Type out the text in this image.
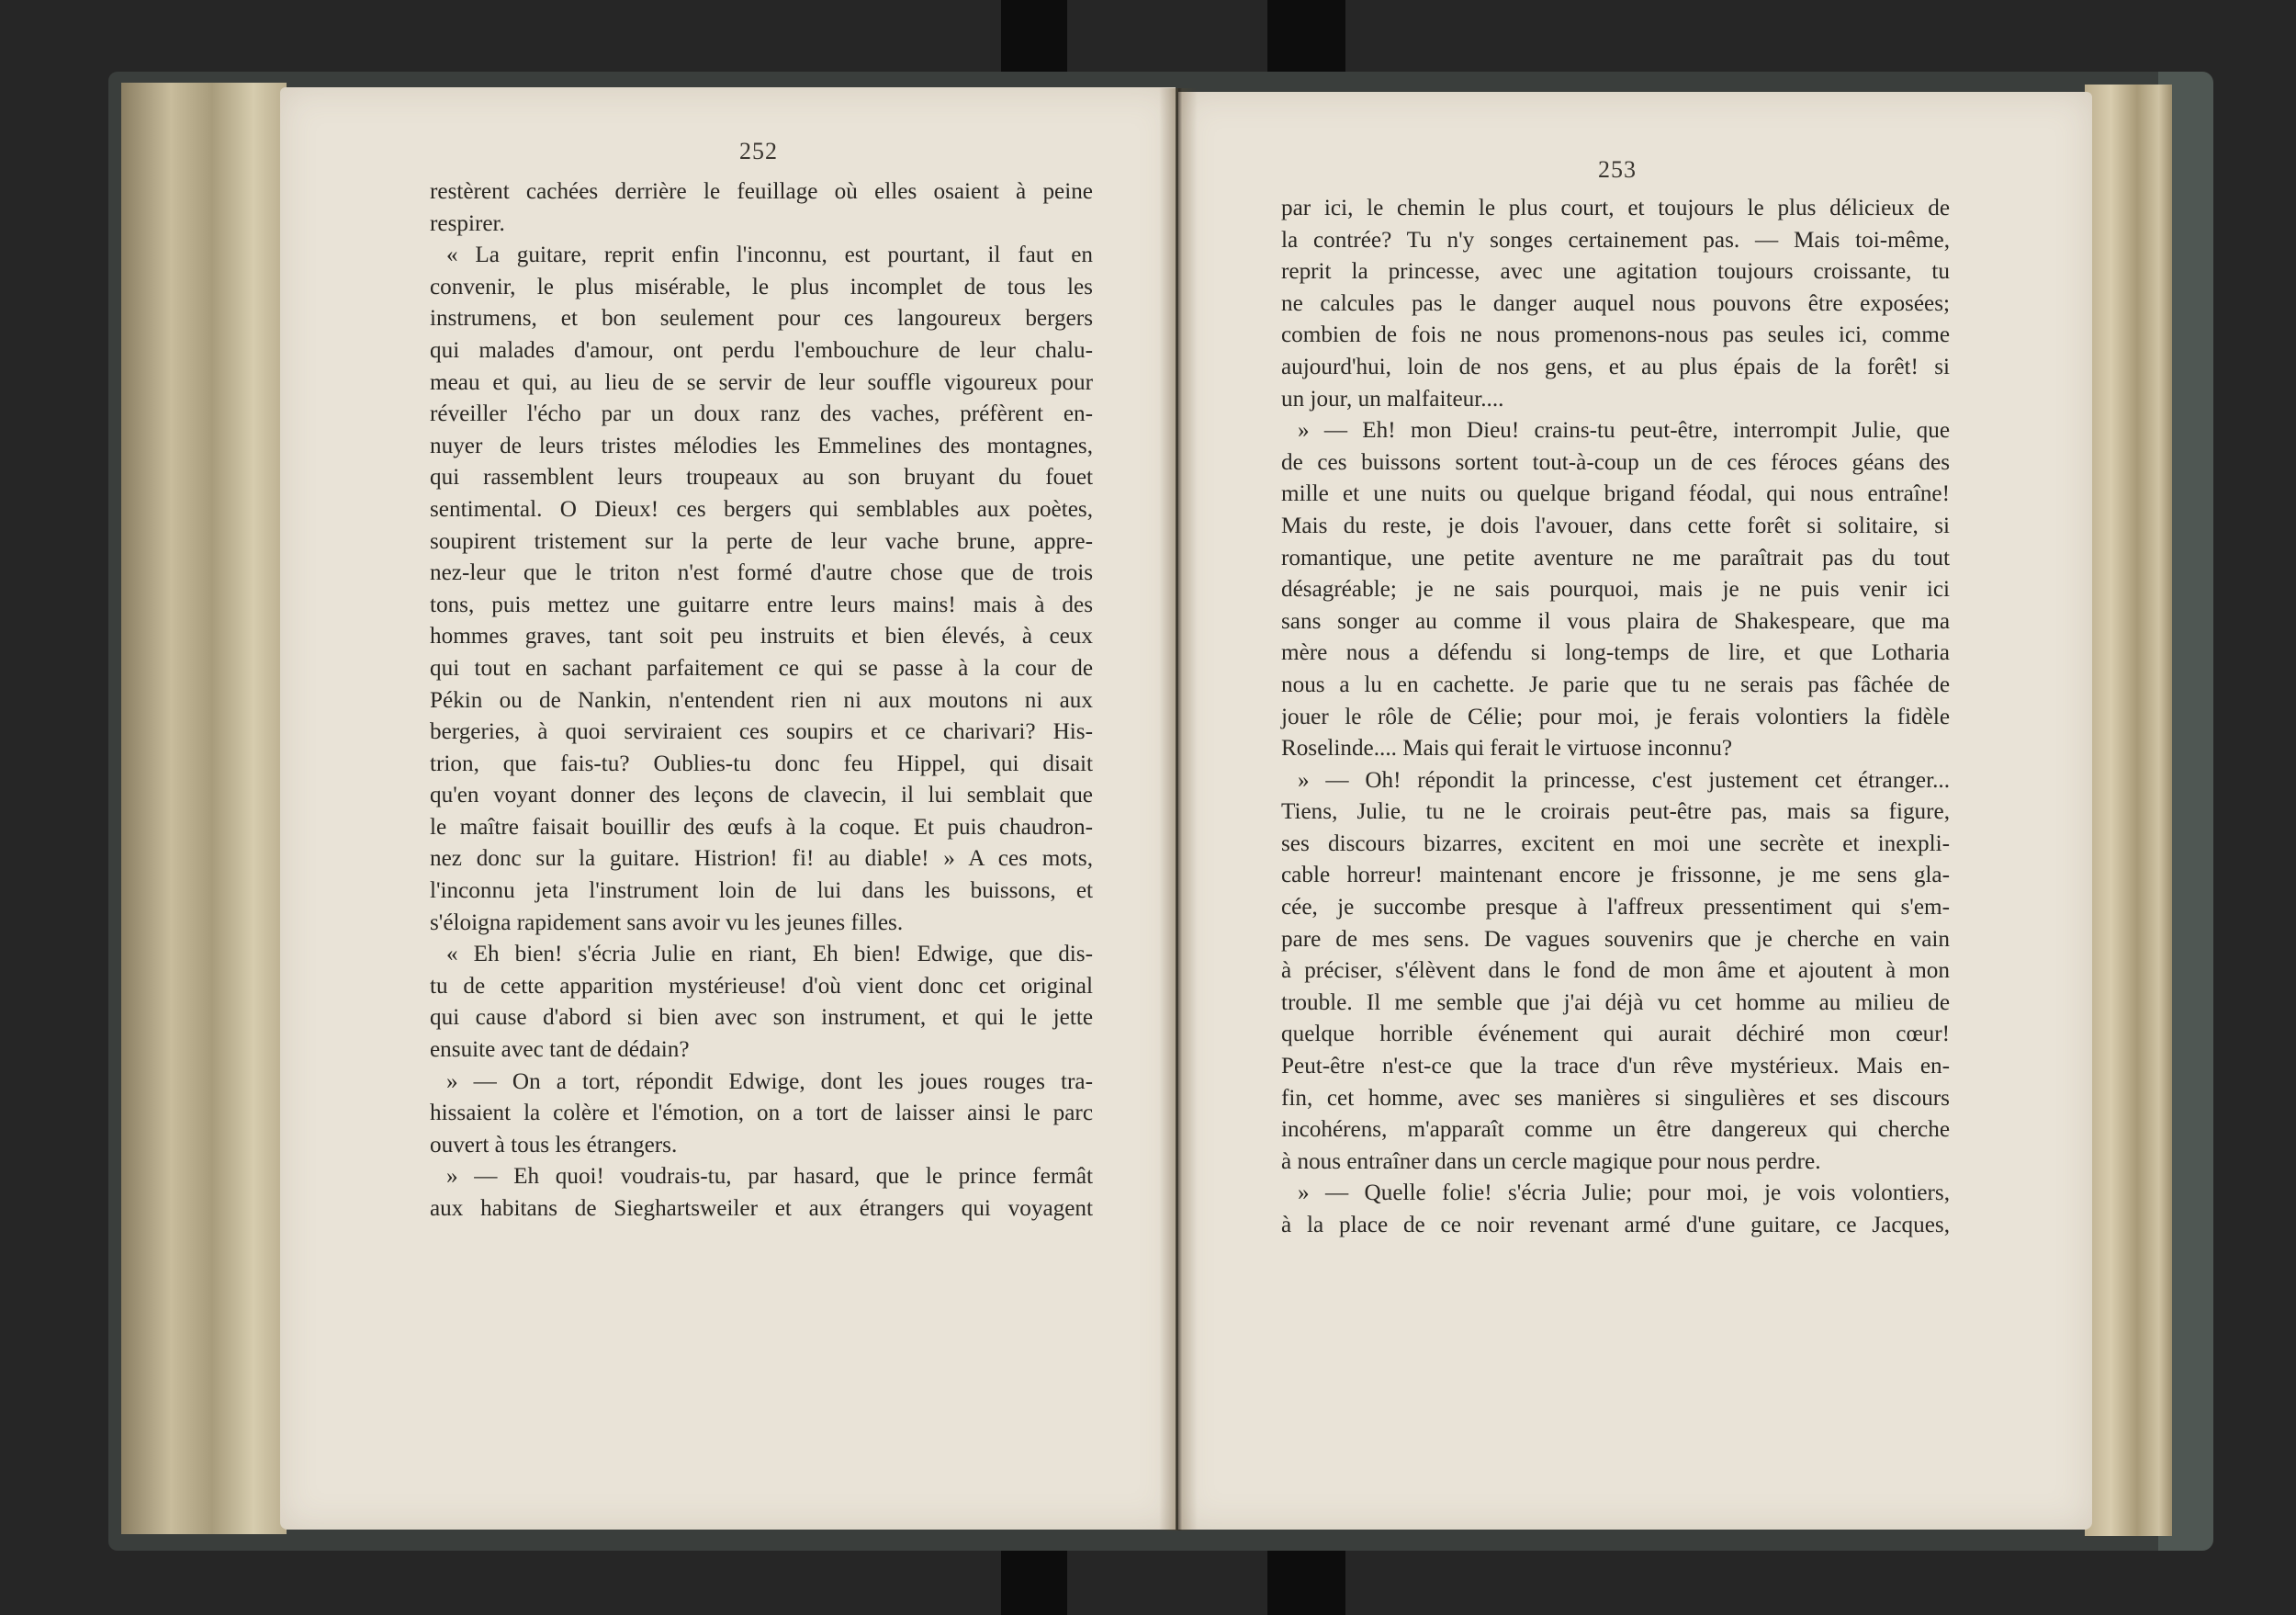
252
253
restèrent cachées derrière le feuillage où elles osaient à peine
respirer.
« La guitare, reprit enfin l'inconnu, est pourtant, il faut en
convenir, le plus misérable, le plus incomplet de tous les
instrumens, et bon seulement pour ces langoureux bergers
qui malades d'amour, ont perdu l'embouchure de leur chalu-
meau et qui, au lieu de se servir de leur souffle vigoureux pour
réveiller l'écho par un doux ranz des vaches, préfèrent en-
nuyer de leurs tristes mélodies les Emmelines des montagnes,
qui rassemblent leurs troupeaux au son bruyant du fouet
sentimental. O Dieux! ces bergers qui semblables aux poètes,
soupirent tristement sur la perte de leur vache brune, appre-
nez-leur que le triton n'est formé d'autre chose que de trois
tons, puis mettez une guitarre entre leurs mains! mais à des
hommes graves, tant soit peu instruits et bien élevés, à ceux
qui tout en sachant parfaitement ce qui se passe à la cour de
Pékin ou de Nankin, n'entendent rien ni aux moutons ni aux
bergeries, à quoi serviraient ces soupirs et ce charivari? His-
trion, que fais-tu? Oublies-tu donc feu Hippel, qui disait
qu'en voyant donner des leçons de clavecin, il lui semblait que
le maître faisait bouillir des œufs à la coque. Et puis chaudron-
nez donc sur la guitare. Histrion! fi! au diable! » A ces mots,
l'inconnu jeta l'instrument loin de lui dans les buissons, et
s'éloigna rapidement sans avoir vu les jeunes filles.
« Eh bien! s'écria Julie en riant, Eh bien! Edwige, que dis-
tu de cette apparition mystérieuse! d'où vient donc cet original
qui cause d'abord si bien avec son instrument, et qui le jette
ensuite avec tant de dédain?
» — On a tort, répondit Edwige, dont les joues rouges tra-
hissaient la colère et l'émotion, on a tort de laisser ainsi le parc
ouvert à tous les étrangers.
» — Eh quoi! voudrais-tu, par hasard, que le prince fermât
aux habitans de Sieghartsweiler et aux étrangers qui voyagent
par ici, le chemin le plus court, et toujours le plus délicieux de
la contrée? Tu n'y songes certainement pas. — Mais toi-même,
reprit la princesse, avec une agitation toujours croissante, tu
ne calcules pas le danger auquel nous pouvons être exposées;
combien de fois ne nous promenons-nous pas seules ici, comme
aujourd'hui, loin de nos gens, et au plus épais de la forêt! si
un jour, un malfaiteur....
» — Eh! mon Dieu! crains-tu peut-être, interrompit Julie, que
de ces buissons sortent tout-à-coup un de ces féroces géans des
mille et une nuits ou quelque brigand féodal, qui nous entraîne!
Mais du reste, je dois l'avouer, dans cette forêt si solitaire, si
romantique, une petite aventure ne me paraîtrait pas du tout
désagréable; je ne sais pourquoi, mais je ne puis venir ici
sans songer au comme il vous plaira de Shakespeare, que ma
mère nous a défendu si long-temps de lire, et que Lotharia
nous a lu en cachette. Je parie que tu ne serais pas fâchée de
jouer le rôle de Célie; pour moi, je ferais volontiers la fidèle
Roselinde.... Mais qui ferait le virtuose inconnu?
» — Oh! répondit la princesse, c'est justement cet étranger...
Tiens, Julie, tu ne le croirais peut-être pas, mais sa figure,
ses discours bizarres, excitent en moi une secrète et inexpli-
cable horreur! maintenant encore je frissonne, je me sens gla-
cée, je succombe presque à l'affreux pressentiment qui s'em-
pare de mes sens. De vagues souvenirs que je cherche en vain
à préciser, s'élèvent dans le fond de mon âme et ajoutent à mon
trouble. Il me semble que j'ai déjà vu cet homme au milieu de
quelque horrible événement qui aurait déchiré mon cœur!
Peut-être n'est-ce que la trace d'un rêve mystérieux. Mais en-
fin, cet homme, avec ses manières si singulières et ses discours
incohérens, m'apparaît comme un être dangereux qui cherche
à nous entraîner dans un cercle magique pour nous perdre.
» — Quelle folie! s'écria Julie; pour moi, je vois volontiers,
à la place de ce noir revenant armé d'une guitare, ce Jacques,
